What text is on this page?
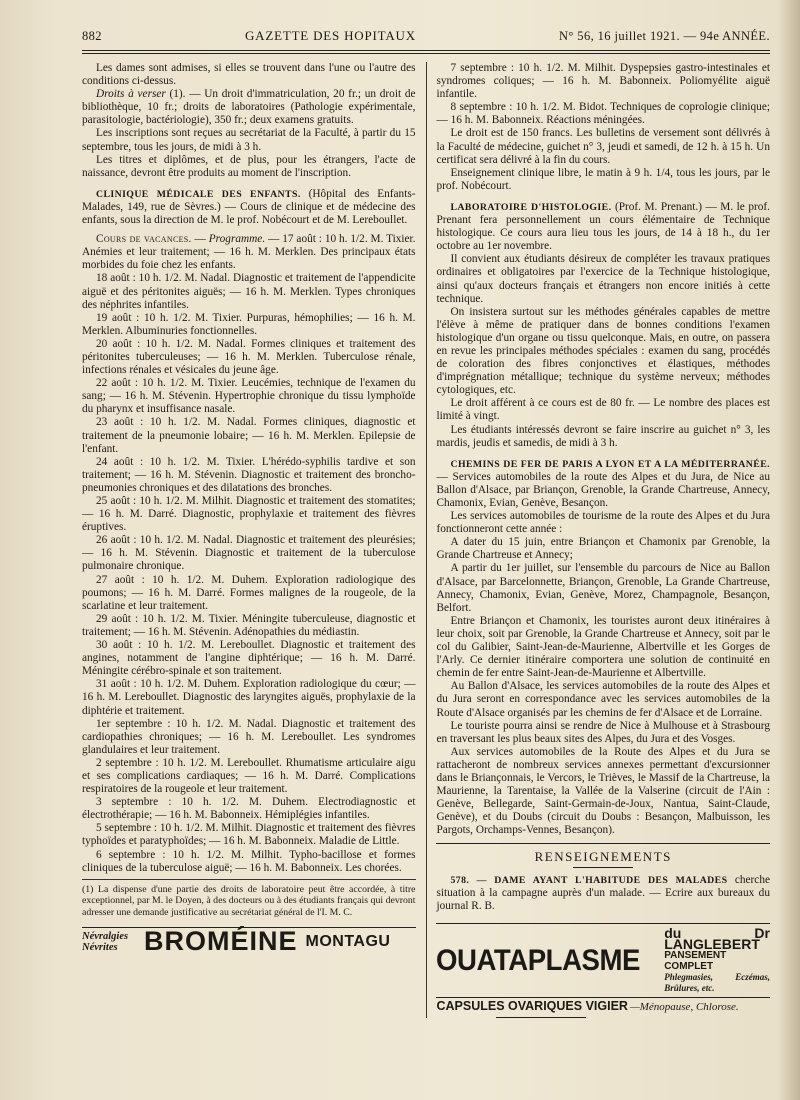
882	GAZETTE DES HOPITAUX	N° 56, 16 juillet 1921. — 94e ANNÉE.

Les dames sont admises, si elles se trouvent dans l'une ou l'autre des conditions ci-dessus.

Droits à verser (1). — Un droit d'immatriculation, 20 fr.; un droit de bibliothèque, 10 fr.; droits de laboratoires (Pathologie expérimentale, parasitologie, bactériologie), 350 fr.; deux examens gratuits.

Les inscriptions sont reçues au secrétariat de la Faculté, à partir du 15 septembre, tous les jours, de midi à 3 h.

Les titres et diplômes, et de plus, pour les étrangers, l'acte de naissance, devront être produits au moment de l'inscription.

CLINIQUE MÉDICALE DES ENFANTS. (Hôpital des Enfants-Malades, 149, rue de Sèvres.) — Cours de clinique et de médecine des enfants, sous la direction de M. le prof. Nobécourt et de M. Lereboullet.

Cours de vacances. — Programme. — 17 août : 10 h. 1/2. M. Tixier. Anémies et leur traitement; — 16 h. M. Merklen. Des principaux états morbides du foie chez les enfants.

18 août : 10 h. 1/2. M. Nadal. Diagnostic et traitement de l'appendicite aiguë et des péritonites aiguës; — 16 h. M. Merklen. Types chroniques des néphrites infantiles.

19 août : 10 h. 1/2. M. Tixier. Purpuras, hémophilies; — 16 h. M. Merklen. Albuminuries fonctionnelles.

20 août : 10 h. 1/2. M. Nadal. Formes cliniques et traitement des péritonites tuberculeuses; — 16 h. M. Merklen. Tuberculose rénale, infections rénales et vésicales du jeune âge.

22 août : 10 h. 1/2. M. Tixier. Leucémies, technique de l'examen du sang; — 16 h. M. Stévenin. Hypertrophie chronique du tissu lymphoïde du pharynx et insuffisance nasale.

23 août : 10 h. 1/2. M. Nadal. Formes cliniques, diagnostic et traitement de la pneumonie lobaire; — 16 h. M. Merklen. Epilepsie de l'enfant.

24 août : 10 h. 1/2. M. Tixier. L'hérédo-syphilis tardive et son traitement; — 16 h. M. Stévenin. Diagnostic et traitement des broncho-pneumonies chroniques et des dilatations des bronches.

25 août : 10 h. 1/2. M. Milhit. Diagnostic et traitement des stomatites; — 16 h. M. Darré. Diagnostic, prophylaxie et traitement des fièvres éruptives.

26 août : 10 h. 1/2. M. Nadal. Diagnostic et traitement des pleurésies; — 16 h. M. Stévenin. Diagnostic et traitement de la tuberculose pulmonaire chronique.

27 août : 10 h. 1/2. M. Duhem. Exploration radiologique des poumons; — 16 h. M. Darré. Formes malignes de la rougeole, de la scarlatine et leur traitement.

29 août : 10 h. 1/2. M. Tixier. Méningite tuberculeuse, diagnostic et traitement; — 16 h. M. Stévenin. Adénopathies du médiastin.

30 août : 10 h. 1/2. M. Lereboullet. Diagnostic et traitement des angines, notamment de l'angine diphtérique; — 16 h. M. Darré. Méningite cérébro-spinale et son traitement.

31 août : 10 h. 1/2. M. Duhem. Exploration radiologique du cœur; — 16 h. M. Lereboullet. Diagnostic des laryngites aiguës, prophylaxie de la diphtérie et traitement.

1er septembre : 10 h. 1/2. M. Nadal. Diagnostic et traitement des cardiopathies chroniques; — 16 h. M. Lereboullet. Les syndromes glandulaires et leur traitement.

2 septembre : 10 h. 1/2. M. Lereboullet. Rhumatisme articulaire aigu et ses complications cardiaques; — 16 h. M. Darré. Complications respiratoires de la rougeole et leur traitement.

3 septembre : 10 h. 1/2. M. Duhem. Electrodiagnostic et électrothérapie; — 16 h. M. Babonneix. Hémiplégies infantiles.

5 septembre : 10 h. 1/2. M. Milhit. Diagnostic et traitement des fièvres typhoïdes et paratyphoïdes; — 16 h. M. Babonneix. Maladie de Little.

6 septembre : 10 h. 1/2. M. Milhit. Typho-bacillose et formes cliniques de la tuberculose aiguë; — 16 h. M. Babonneix. Les chorées.

(1) La dispense d'une partie des droits de laboratoire peut être accordée, à titre exceptionnel, par M. le Doyen, à des docteurs ou à des étudiants français qui devront adresser une demande justificative au secrétariat général de l'I. M. C.
Névralgies
Névrites BROMÉINE MONTAGU

7 septembre : 10 h. 1/2. M. Milhit. Dyspepsies gastro-intestinales et syndromes coliques; — 16 h. M. Babonneix. Poliomyélite aiguë infantile.

8 septembre : 10 h. 1/2. M. Bidot. Techniques de coprologie clinique; — 16 h. M. Babonneix. Réactions méningées.

Le droit est de 150 francs. Les bulletins de versement sont délivrés à la Faculté de médecine, guichet n° 3, jeudi et samedi, de 12 h. à 15 h. Un certificat sera délivré à la fin du cours.

Enseignement clinique libre, le matin à 9 h. 1/4, tous les jours, par le prof. Nobécourt.

LABORATOIRE D'HISTOLOGIE. (Prof. M. Prenant.) — M. le prof. Prenant fera personnellement un cours élémentaire de Technique histologique. Ce cours aura lieu tous les jours, de 14 à 18 h., du 1er octobre au 1er novembre.

Il convient aux étudiants désireux de compléter les travaux pratiques ordinaires et obligatoires par l'exercice de la Technique histologique, ainsi qu'aux docteurs français et étrangers non encore initiés à cette technique.

On insistera surtout sur les méthodes générales capables de mettre l'élève à même de pratiquer dans de bonnes conditions l'examen histologique d'un organe ou tissu quelconque. Mais, en outre, on passera en revue les principales méthodes spéciales : examen du sang, procédés de coloration des fibres conjonctives et élastiques, méthodes d'imprégnation métallique; technique du système nerveux; méthodes cytologiques, etc.

Le droit afférent à ce cours est de 80 fr. — Le nombre des places est limité à vingt.

Les étudiants intéressés devront se faire inscrire au guichet n° 3, les mardis, jeudis et samedis, de midi à 3 h.

CHEMINS DE FER DE PARIS A LYON ET A LA MÉDITERRANÉE. — Services automobiles de la route des Alpes et du Jura, de Nice au Ballon d'Alsace, par Briançon, Grenoble, la Grande Chartreuse, Annecy, Chamonix, Evian, Genève, Besançon.

Les services automobiles de tourisme de la route des Alpes et du Jura fonctionneront cette année :

A dater du 15 juin, entre Briançon et Chamonix par Grenoble, la Grande Chartreuse et Annecy;

A partir du 1er juillet, sur l'ensemble du parcours de Nice au Ballon d'Alsace, par Barcelonnette, Briançon, Grenoble, La Grande Chartreuse, Annecy, Chamonix, Evian, Genève, Morez, Champagnole, Besançon, Belfort.

Entre Briançon et Chamonix, les touristes auront deux itinéraires à leur choix, soit par Grenoble, la Grande Chartreuse et Annecy, soit par le col du Galibier, Saint-Jean-de-Maurienne, Albertville et les Gorges de l'Arly. Ce dernier itinéraire comportera une solution de continuité en chemin de fer entre Saint-Jean-de-Maurienne et Albertville.

Au Ballon d'Alsace, les services automobiles de la route des Alpes et du Jura seront en correspondance avec les services automobiles de la Route d'Alsace organisés par les chemins de fer d'Alsace et de Lorraine.

Le touriste pourra ainsi se rendre de Nice à Mulhouse et à Strasbourg en traversant les plus beaux sites des Alpes, du Jura et des Vosges.

Aux services automobiles de la Route des Alpes et du Jura se rattacheront de nombreux services annexes permettant d'excursionner dans le Briançonnais, le Vercors, le Trièves, le Massif de la Chartreuse, la Maurienne, la Tarentaise, la Vallée de la Valserine (circuit de l'Ain : Genève, Bellegarde, Saint-Germain-de-Joux, Nantua, Saint-Claude, Genève), et du Doubs (circuit du Doubs : Besançon, Malbuisson, les Pargots, Orchamps-Vennes, Besançon).

RENSEIGNEMENTS

578. — DAME AYANT L'HABITUDE DES MALADES cherche situation à la campagne auprès d'un malade. — Ecrire aux bureaux du journal R. B.

OUATAPLASME
du Dr LANGLEBERT
PANSEMENT COMPLET
Phlegmasies, Eczémas, Brûlures, etc.
CAPSULES OVARIQUES VIGIER —Ménopause, Chlorose.
